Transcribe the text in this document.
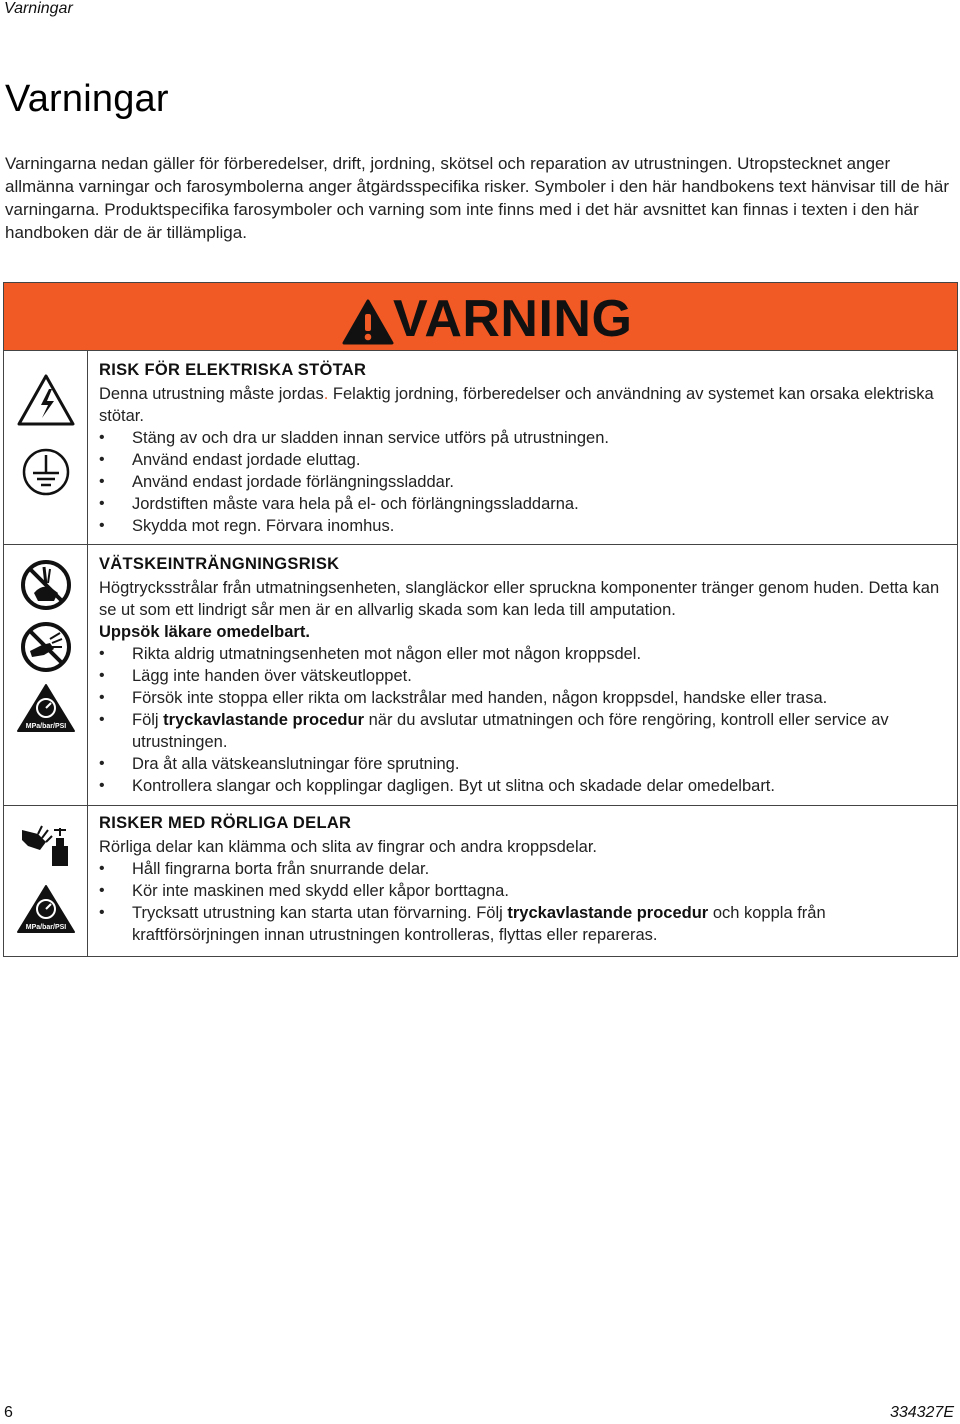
Varningar
Varningar

Varningarna nedan gäller för förberedelser, drift, jordning, skötsel och reparation av utrustningen. Utropstecknet anger allmänna varningar och farosymbolerna anger åtgärdsspecifika risker. Symboler i den här handbokens text hänvisar till de här varningarna. Produktspecifika farosymboler och varning som inte finns med i det här avsnittet kan finnas i texten i den här handboken där de är tillämpliga.

VARNING
RISK FÖR ELEKTRISKA STÖTAR

Denna utrustning måste jordas. Felaktig jordning, förberedelser och användning av systemet kan orsaka elektriska stötar.

• Stäng av och dra ur sladden innan service utförs på utrustningen.
• Använd endast jordade eluttag.
• Använd endast jordade förlängningssladdar.
• Jordstiften måste vara hela på el- och förlängningssladdarna.
• Skydda mot regn. Förvara inomhus.
MPa/bar/PSI
VÄTSKEINTRÄNGNINGSRISK

Högtrycksstrålar från utmatningsenheten, slangläckor eller spruckna komponenter tränger genom huden. Detta kan se ut som ett lindrigt sår men är en allvarlig skada som kan leda till amputation.

Uppsök läkare omedelbart.

• Rikta aldrig utmatningsenheten mot någon eller mot någon kroppsdel.
• Lägg inte handen över vätskeutloppet.
• Försök inte stoppa eller rikta om lackstrålar med handen, någon kroppsdel, handske eller trasa.
• Följ tryckavlastande procedur när du avslutar utmatningen och före rengöring, kontroll eller service av utrustningen.
• Dra åt alla vätskeanslutningar före sprutning.
• Kontrollera slangar och kopplingar dagligen. Byt ut slitna och skadade delar omedelbart.
MPa/bar/PSI
RISKER MED RÖRLIGA DELAR

Rörliga delar kan klämma och slita av fingrar och andra kroppsdelar.

• Håll fingrarna borta från snurrande delar.
• Kör inte maskinen med skydd eller kåpor borttagna.
• Trycksatt utrustning kan starta utan förvarning. Följ tryckavlastande procedur och koppla från kraftförsörjningen innan utrustningen kontrolleras, flyttas eller repareras.
6	334327E
